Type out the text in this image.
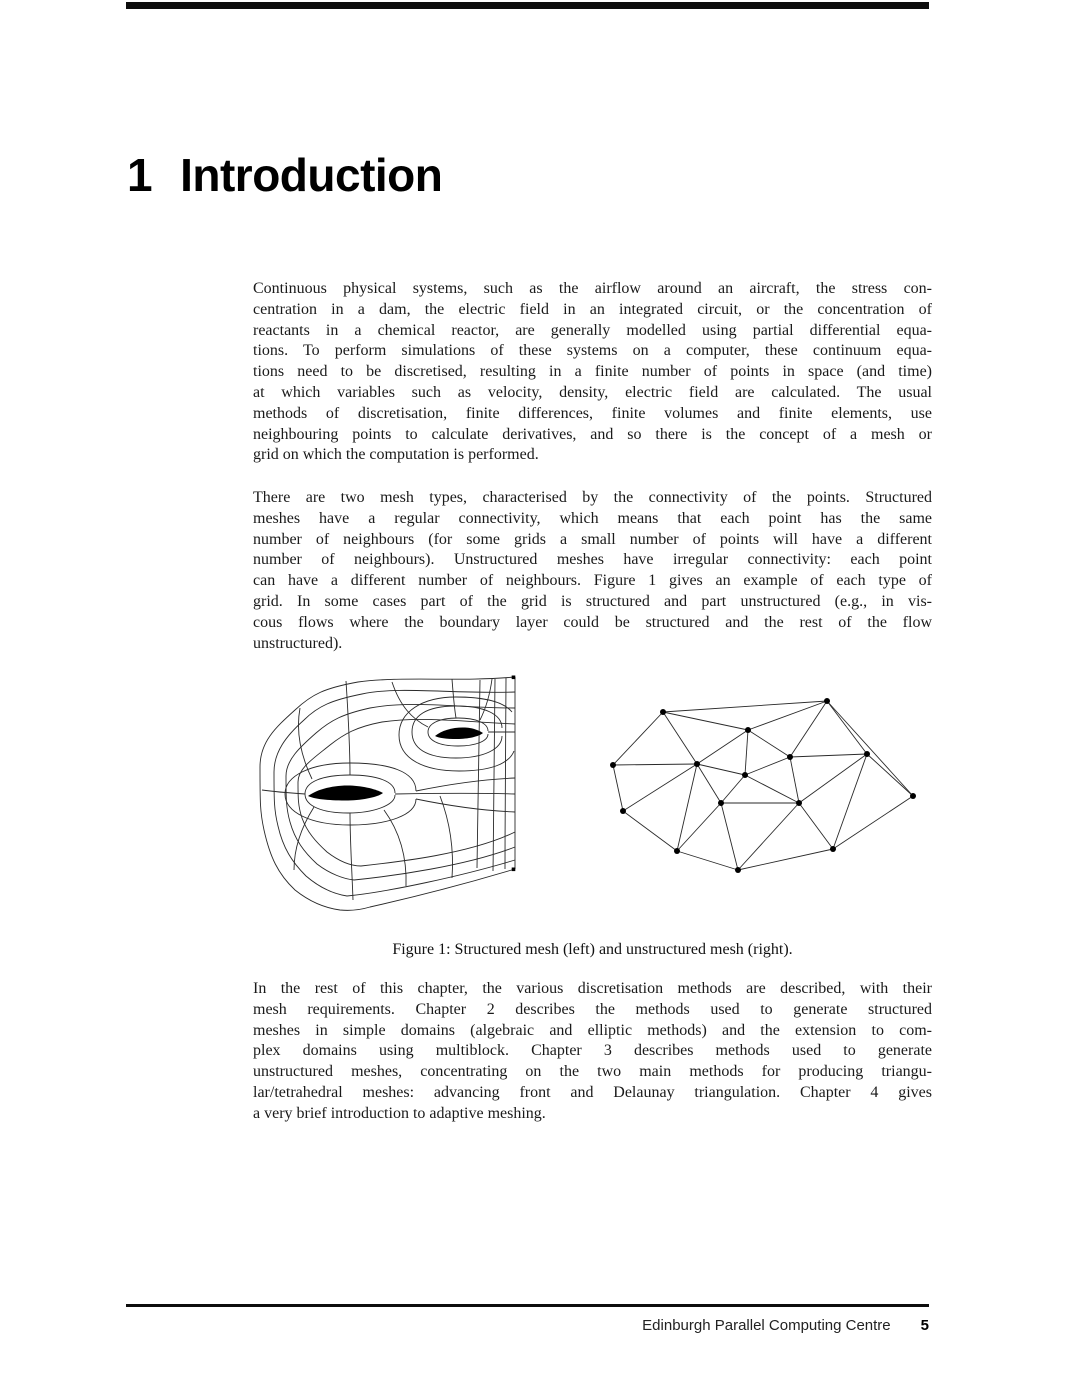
1 Introduction
Continuous physical systems, such as the airflow around an aircraft, the stress con-
centration in a dam, the electric field in an integrated circuit, or the concentration of
reactants in a chemical reactor, are generally modelled using partial differential equa-
tions. To perform simulations of these systems on a computer, these continuum equa-
tions need to be discretised, resulting in a finite number of points in space (and time)
at which variables such as velocity, density, electric field are calculated. The usual
methods of discretisation, finite differences, finite volumes and finite elements, use
neighbouring points to calculate derivatives, and so there is the concept of a mesh or
grid on which the computation is performed.
There are two mesh types, characterised by the connectivity of the points. Structured
meshes have a regular connectivity, which means that each point has the same
number of neighbours (for some grids a small number of points will have a different
number of neighbours). Unstructured meshes have irregular connectivity: each point
can have a different number of neighbours. Figure 1 gives an example of each type of
grid. In some cases part of the grid is structured and part unstructured (e.g., in vis-
cous flows where the boundary layer could be structured and the rest of the flow
unstructured).
In the rest of this chapter, the various discretisation methods are described, with their
mesh requirements. Chapter 2 describes the methods used to generate structured
meshes in simple domains (algebraic and elliptic methods) and the extension to com-
plex domains using multiblock. Chapter 3 describes methods used to generate
unstructured meshes, concentrating on the two main methods for producing triangu-
lar/tetrahedral meshes: advancing front and Delaunay triangulation. Chapter 4 gives
a very brief introduction to adaptive meshing.
Figure 1: Structured mesh (left) and unstructured mesh (right).
Edinburgh Parallel Computing Centre 5
